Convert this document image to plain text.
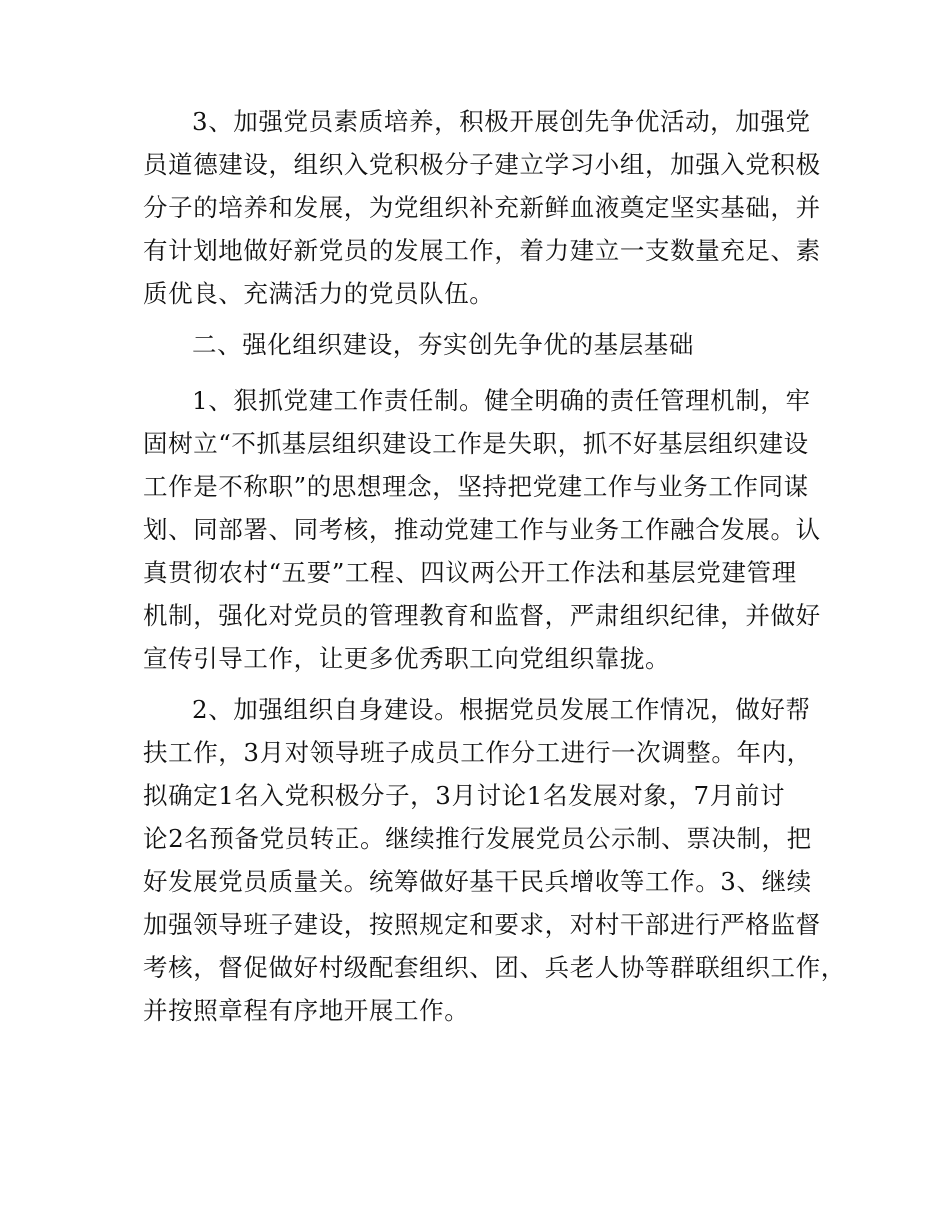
3、加强党员素质培养，积极开展创先争优活动，加强党
员道德建设，组织入党积极分子建立学习小组，加强入党积极
分子的培养和发展，为党组织补充新鲜血液奠定坚实基础，并
有计划地做好新党员的发展工作，着力建立一支数量充足、素
质优良、充满活力的党员队伍。

二、强化组织建设，夯实创先争优的基层基础

1、狠抓党建工作责任制。健全明确的责任管理机制，牢
固树立“不抓基层组织建设工作是失职，抓不好基层组织建设
工作是不称职”的思想理念，坚持把党建工作与业务工作同谋
划、同部署、同考核，推动党建工作与业务工作融合发展。认
真贯彻农村“五要”工程、四议两公开工作法和基层党建管理
机制，强化对党员的管理教育和监督，严肃组织纪律，并做好
宣传引导工作，让更多优秀职工向党组织靠拢。

2、加强组织自身建设。根据党员发展工作情况，做好帮
扶工作，3月对领导班子成员工作分工进行一次调整。年内，
拟确定1名入党积极分子，3月讨论1名发展对象，7月前讨
论2名预备党员转正。继续推行发展党员公示制、票决制，把
好发展党员质量关。统筹做好基干民兵增收等工作。3、继续
加强领导班子建设，按照规定和要求，对村干部进行严格监督
考核，督促做好村级配套组织、团、兵老人协等群联组织工作，
并按照章程有序地开展工作。
